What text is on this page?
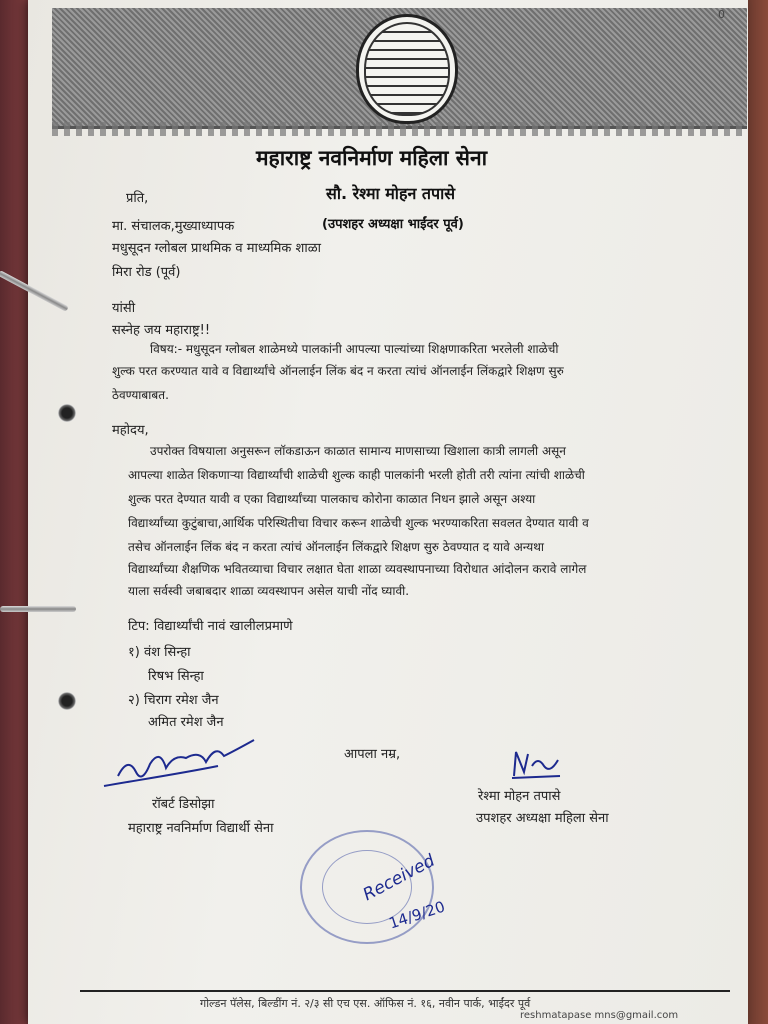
0
महाराष्ट्र नवनिर्माण महिला सेना
सौ. रेश्मा मोहन तपासे
(उपशहर अध्यक्षा भाईंदर पूर्व)
प्रति,
मा. संचालक,मुख्याध्यापक
मधुसूदन ग्लोबल प्राथमिक व माध्यमिक शाळा
मिरा रोड (पूर्व)
यांसी
सस्नेह जय महाराष्ट्र!!
विषय:- मधुसूदन ग्लोबल शाळेमध्ये पालकांनी आपल्या पाल्यांच्या शिक्षणाकरिता भरलेली शाळेची
शुल्क परत करण्यात यावे व विद्यार्थ्यांचे ऑनलाईन लिंक बंद न करता त्यांचं ऑनलाईन लिंकद्वारे शिक्षण सुरु
ठेवण्याबाबत.
महोदय,
उपरोक्त विषयाला अनुसरून लॉकडाऊन काळात सामान्य माणसाच्या खिशाला कात्री लागली असून
आपल्या शाळेत शिकणाऱ्या विद्यार्थ्यांची शाळेची शुल्क काही पालकांनी भरली होती तरी त्यांना त्यांची शाळेची
शुल्क परत देण्यात यावी व एका विद्यार्थ्यांच्या पालकाच कोरोना काळात निधन झाले असून अश्या
विद्यार्थ्यांच्या कुटुंबाचा,आर्थिक परिस्थितीचा विचार करून शाळेची शुल्क भरण्याकरिता सवलत देण्यात यावी व
तसेच ऑनलाईन लिंक बंद न करता त्यांचं ऑनलाईन लिंकद्वारे शिक्षण सुरु ठेवण्यात द यावे अन्यथा
विद्यार्थ्यांच्या शैक्षणिक भवितव्याचा विचार लक्षात घेता शाळा व्यवस्थापनाच्या विरोधात आंदोलन करावे लागेल
याला सर्वस्वी जबाबदार शाळा व्यवस्थापन असेल याची नोंद घ्यावी.
टिप: विद्यार्थ्यांची नावं खालीलप्रमाणे
१) वंश सिन्हा
रिषभ सिन्हा
२) चिराग रमेश जैन
अमित रमेश जैन
आपला नम्र,
रॉबर्ट डिसोझा
महाराष्ट्र नवनिर्माण विद्यार्थी सेना
रेश्मा मोहन तपासे
उपशहर अध्यक्षा महिला सेना
Received
14/9/20
गोल्डन पॅलेस, बिल्डींग नं. २/३ सी एच एस. ऑफिस नं. १६, नवीन पार्क, भाईंदर पूर्व
reshmatapase mns@gmail.com
